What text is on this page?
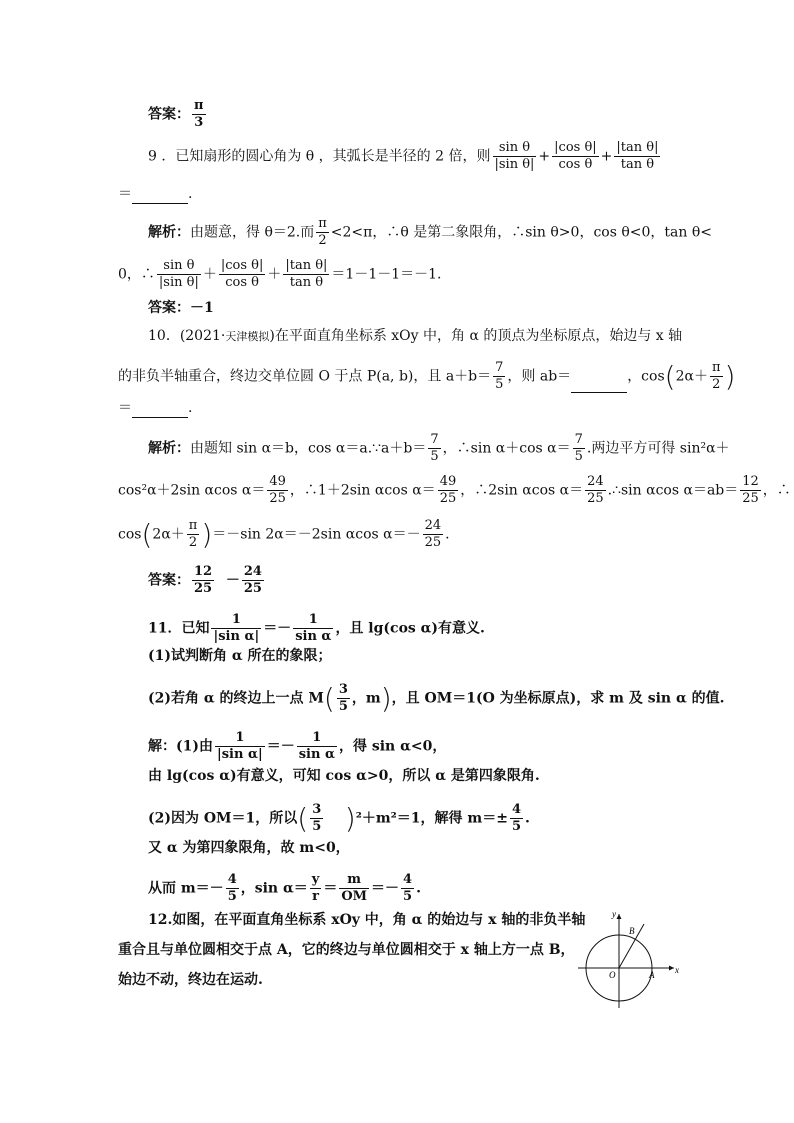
答案： $\frac{\pi}{3}$
9 ．已知扇形的圆心角为 θ ，其弧长是半径的 2 倍，则 $\frac{\text{sin θ}}{\text{|sin θ|}} + \frac{\text{|cos θ|}}{\text{cos θ}} + \frac{\text{|tan θ|}}{\text{tan θ}}$
＝	.
解析：由题意，得 θ＝2.而 $\frac{\pi}{2} <2<\pi$，∴θ 是第二象限角，∴sin θ>0，cos θ<0，tan θ<
0，∴ $\frac{\text{sin θ}}{\text{|sin θ|}} + \frac{\text{|cos θ|}}{\text{cos θ}} + \frac{\text{|tan θ|}}{\text{tan θ}} =1-1-1=-1$.
答案：－1
10．(2021·天津模拟)在平面直角坐标系 xOy 中，角 α 的顶点为坐标原点，始边与 x 轴
的非负半轴重合，终边交单位圆 O 于点 P(a, b)，且 $a+b= \frac{7}{5}$ ，则 ab＝	，$\cos(2\alpha+ \frac{\pi}{2}$ )
＝	.
解析：由题知 sin α＝b，cos α＝a.∵a＋b＝ $\frac{7}{5}$ ，∴sin α＋cos $\alpha= \frac{7}{5}$ .两边平方可得 sin²α＋
cos²α＋2sin αcos $\alpha= \frac{49}{25}$ ，∴1＋2sin αcos $\alpha= \frac{49}{25}$ ，∴2sin αcos $\alpha= \frac{24}{25}$ .∴sin αcos $\alpha=ab= \frac{12}{25}$ ，∴
$\cos(2\alpha+ \frac{\pi}{2} )=-\sin$ 2α＝－2sin αcos $\alpha=- \frac{24}{25}$ .
答案： $\frac{12}{25} - \frac{24}{25}$
11．已知 $\frac{1}{\text{|sin α|}} =- \frac{1}{\text{sin α}}$ ，且 lg(cos α)有意义.
(1)试判断角 α 所在的象限；
(2)若角 α 的终边上一点 $M( \frac{3}{5}$ ，m)，且 OM＝1(O 为坐标原点)，求 m 及 sin α 的值.
解：(1)由 $\frac{1}{\text{|sin α|}} =- \frac{1}{\text{sin α}}$ ，得 sin α<0，
由 lg(cos α)有意义，可知 cos α>0，所以 α 是第四象限角.
(2)因为 OM＝1，所以( $\frac{3}{5} )^2+m^2=1$，解得 $m=\pm \frac{4}{5}$ .
又 α 为第四象限角，故 m<0，
从而 $m=- \frac{4}{5}$ ，$\sin \alpha= \frac{y}{r} = \frac{m}{OM} =- \frac{4}{5}$ .
12.如图，在平面直角坐标系 xOy 中，角 α 的始边与 x 轴的非负半轴
重合且与单位圆相交于点 A，它的终边与单位圆相交于 x 轴上方一点 B，
始边不动，终边在运动.
y
x
O	A
B
